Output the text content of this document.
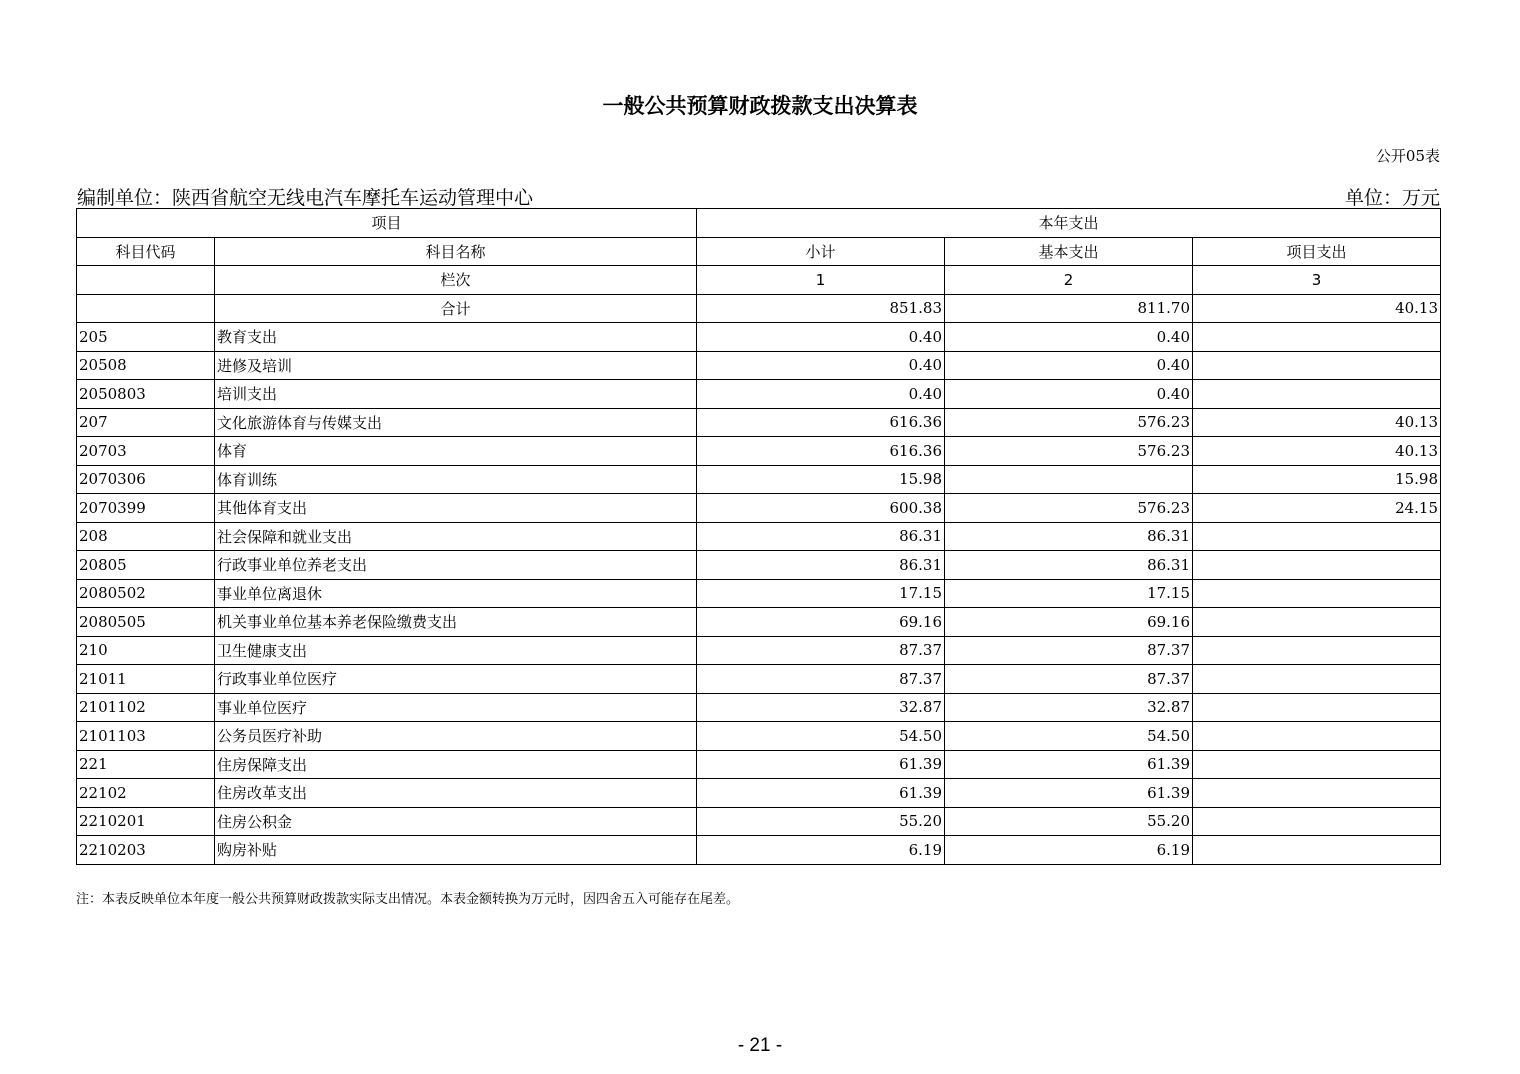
一般公共预算财政拨款支出决算表
公开05表
编制单位：陕西省航空无线电汽车摩托车运动管理中心	单位：万元
项目		本年支出		
科目代码	科目名称	小计	基本支出	项目支出
	栏次	1	2	3
	合计	851.83	811.70	40.13
205	教育支出	0.40	0.40	
20508	进修及培训	0.40	0.40	
2050803	培训支出	0.40	0.40	
207	文化旅游体育与传媒支出	616.36	576.23	40.13
20703	体育	616.36	576.23	40.13
2070306	体育训练	15.98		15.98
2070399	其他体育支出	600.38	576.23	24.15
208	社会保障和就业支出	86.31	86.31	
20805	行政事业单位养老支出	86.31	86.31	
2080502	事业单位离退休	17.15	17.15	
2080505	机关事业单位基本养老保险缴费支出	69.16	69.16	
210	卫生健康支出	87.37	87.37	
21011	行政事业单位医疗	87.37	87.37	
2101102	事业单位医疗	32.87	32.87	
2101103	公务员医疗补助	54.50	54.50	
221	住房保障支出	61.39	61.39	
22102	住房改革支出	61.39	61.39	
2210201	住房公积金	55.20	55.20	
2210203	购房补贴	6.19	6.19	
注：本表反映单位本年度一般公共预算财政拨款实际支出情况。本表金额转换为万元时，因四舍五入可能存在尾差。
- 21 -
